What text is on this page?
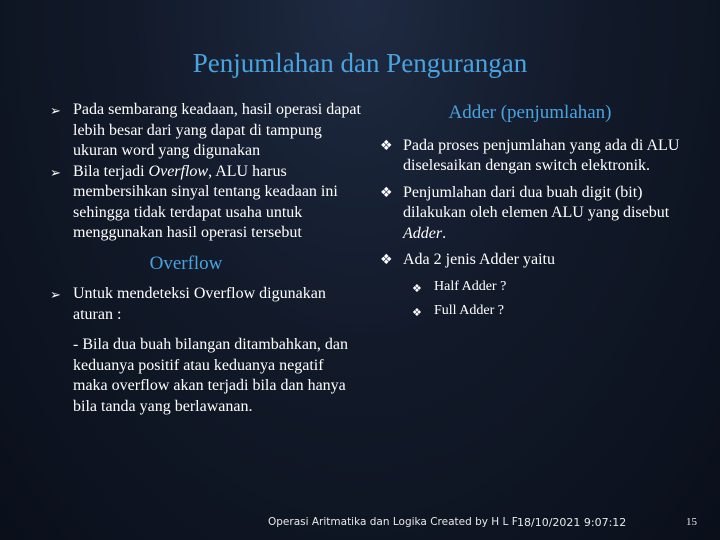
Penjumlahan dan Pengurangan
➢ Pada sembarang keadaan, hasil operasi dapat lebih besar dari yang dapat di tampung ukuran word yang digunakan
➢ Bila terjadi Overflow, ALU harus membersihkan sinyal tentang keadaan ini sehingga tidak terdapat usaha untuk menggunakan hasil operasi tersebut
Overflow
➢ Untuk mendeteksi Overflow digunakan aturan :
- Bila dua buah bilangan ditambahkan, dan keduanya positif atau keduanya negatif maka overflow akan terjadi bila dan hanya bila tanda yang berlawanan.
Adder (penjumlahan)
❖ Pada proses penjumlahan yang ada di ALU diselesaikan dengan switch elektronik.
❖ Penjumlahan dari dua buah digit (bit) dilakukan oleh elemen ALU yang disebut Adder.
❖ Ada 2 jenis Adder yaitu
❖ Half Adder ?
❖ Full Adder ?
Operasi Aritmatika dan Logika Created by H L F 18/10/2021 9:07:12	15
